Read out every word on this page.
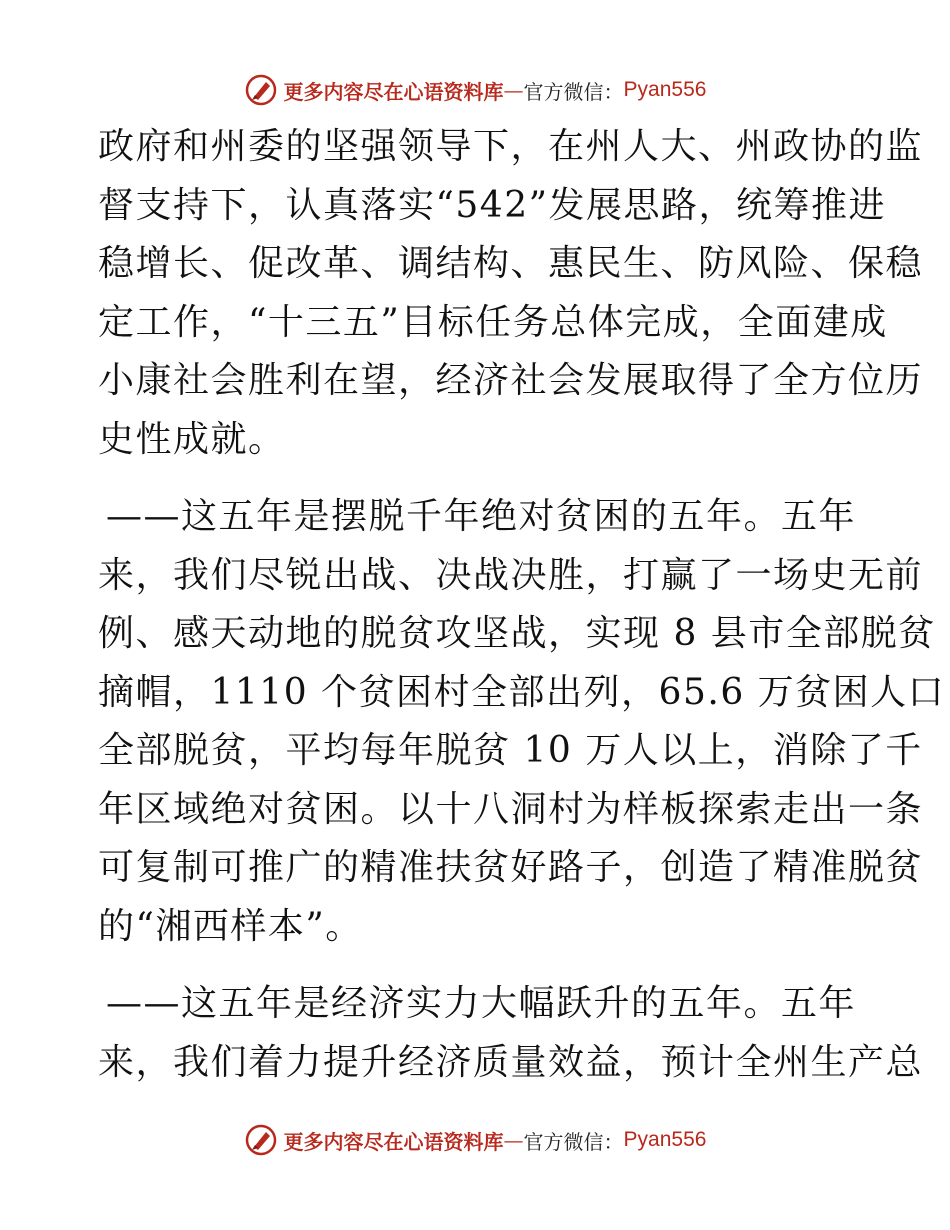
更多内容尽在心语资料库 — 官方微信： Pyan556
政府和州委的坚强领导下，在州人大、州政协的监
督支持下，认真落实“542”发展思路，统筹推进
稳增长、促改革、调结构、惠民生、防风险、保稳
定工作，“十三五”目标任务总体完成，全面建成
小康社会胜利在望，经济社会发展取得了全方位历
史性成就。
——这五年是摆脱千年绝对贫困的五年。五年
来，我们尽锐出战、决战决胜，打赢了一场史无前
例、感天动地的脱贫攻坚战，实现 8 县市全部脱贫
摘帽，1110 个贫困村全部出列，65.6 万贫困人口
全部脱贫，平均每年脱贫 10 万人以上，消除了千
年区域绝对贫困。以十八洞村为样板探索走出一条
可复制可推广的精准扶贫好路子，创造了精准脱贫
的“湘西样本”。
——这五年是经济实力大幅跃升的五年。五年
来，我们着力提升经济质量效益，预计全州生产总
更多内容尽在心语资料库 — 官方微信： Pyan556
